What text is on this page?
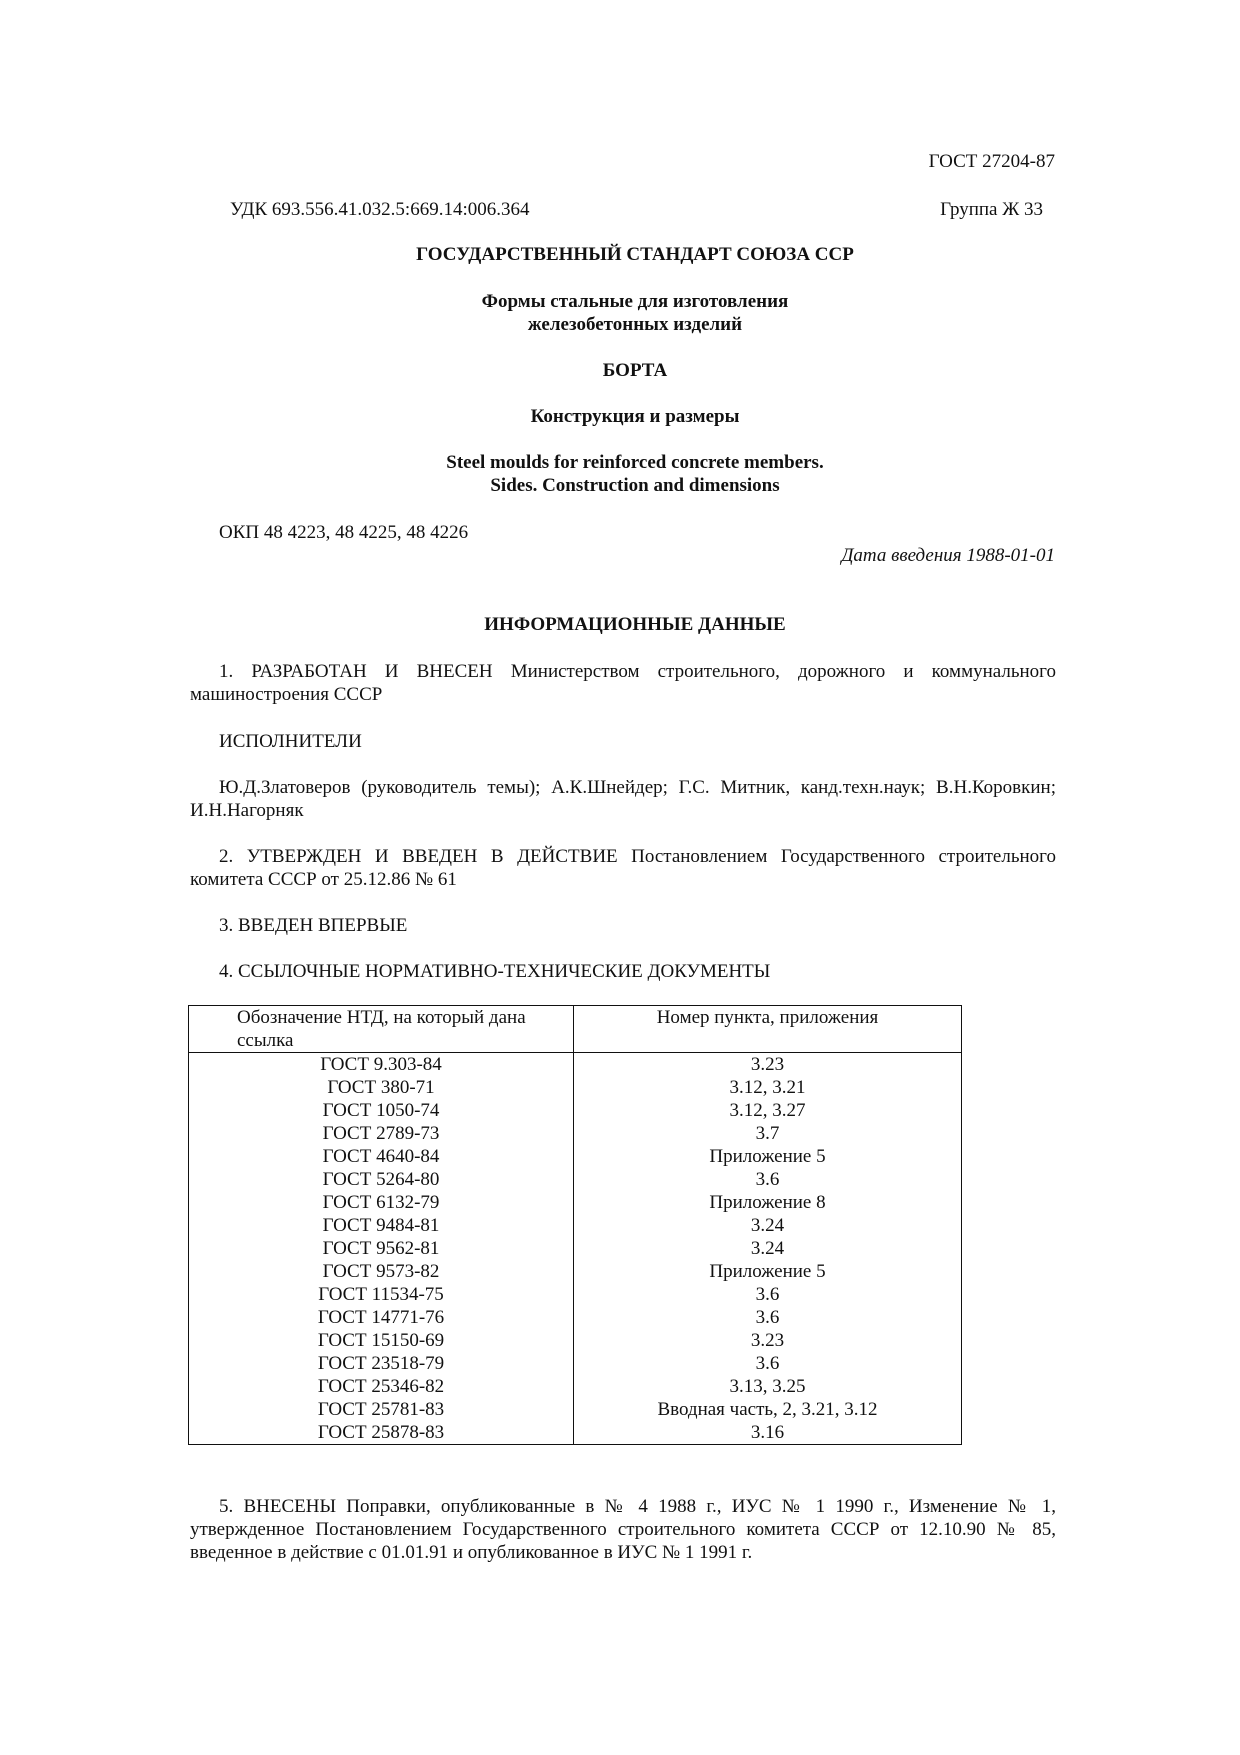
ГОСТ 27204-87
УДК 693.556.41.032.5:669.14:006.364	Группа Ж 33
ГОСУДАРСТВЕННЫЙ СТАНДАРТ СОЮЗА ССР
Формы стальные для изготовления
железобетонных изделий
БОРТА
Конструкция и размеры
Steel moulds for reinforced concrete members.
Sides. Construction and dimensions
ОКП 48 4223, 48 4225, 48 4226
Дата введения 1988-01-01
ИНФОРМАЦИОННЫЕ ДАННЫЕ
1. РАЗРАБОТАН И ВНЕСЕН Министерством строительного, дорожного и коммунального машиностроения СССР
ИСПОЛНИТЕЛИ
Ю.Д.Златоверов (руководитель темы); А.К.Шнейдер; Г.С. Митник, канд.техн.наук; В.Н.Коровкин; И.Н.Нагорняк
2. УТВЕРЖДЕН И ВВЕДЕН В ДЕЙСТВИЕ Постановлением Государственного строительного комитета СССР от 25.12.86 № 61
3. ВВЕДЕН ВПЕРВЫЕ
4. ССЫЛОЧНЫЕ НОРМАТИВНО-ТЕХНИЧЕСКИЕ ДОКУМЕНТЫ
Обозначение НТД, на который дана ссылка	Номер пункта, приложения

ГОСТ 9.303-84	3.23
ГОСТ 380-71	3.12, 3.21
ГОСТ 1050-74	3.12, 3.27
ГОСТ 2789-73	3.7
ГОСТ 4640-84	Приложение 5
ГОСТ 5264-80	3.6
ГОСТ 6132-79	Приложение 8
ГОСТ 9484-81	3.24
ГОСТ 9562-81	3.24
ГОСТ 9573-82	Приложение 5
ГОСТ 11534-75	3.6
ГОСТ 14771-76	3.6
ГОСТ 15150-69	3.23
ГОСТ 23518-79	3.6
ГОСТ 25346-82	3.13, 3.25
ГОСТ 25781-83	Вводная часть, 2, 3.21, 3.12
ГОСТ 25878-83	3.16
5. ВНЕСЕНЫ Поправки, опубликованные в № 4 1988 г., ИУС № 1 1990 г., Изменение № 1, утвержденное Постановлением Государственного строительного комитета СССР от 12.10.90 № 85, введенное в действие с 01.01.91 и опубликованное в ИУС № 1 1991 г.
